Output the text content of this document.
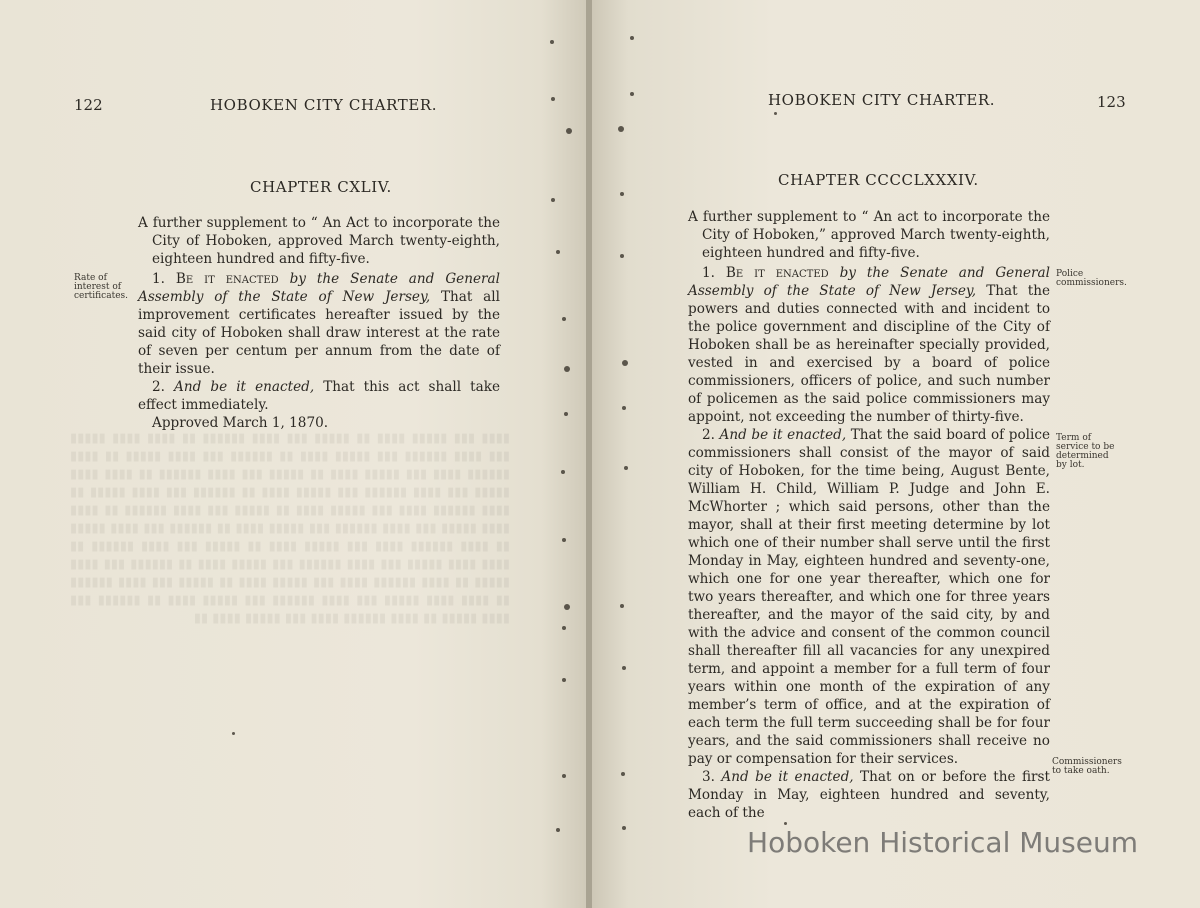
▮▮▮▮ ▮▮▮ ▮▮▮▮▮ ▮▮▮▮ ▮▮ ▮▮▮▮▮ ▮▮▮ ▮▮▮▮ ▮▮▮▮▮▮ ▮▮ ▮▮▮▮ ▮▮▮▮ ▮▮▮▮▮ ▮▮▮ ▮▮▮▮ ▮▮▮▮▮▮ ▮▮▮ ▮▮▮▮▮ ▮▮▮▮ ▮▮ ▮▮▮▮▮▮ ▮▮▮ ▮▮▮▮ ▮▮▮▮▮ ▮▮ ▮▮▮▮ ▮▮▮▮▮▮ ▮▮▮▮ ▮▮▮ ▮▮▮▮▮ ▮▮▮▮ ▮▮ ▮▮▮▮▮ ▮▮▮ ▮▮▮▮ ▮▮▮▮▮▮ ▮▮ ▮▮▮▮ ▮▮▮▮ ▮▮▮▮▮ ▮▮▮ ▮▮▮▮ ▮▮▮▮▮▮ ▮▮▮ ▮▮▮▮▮ ▮▮▮▮ ▮▮ ▮▮▮▮▮▮ ▮▮▮ ▮▮▮▮ ▮▮▮▮▮ ▮▮ ▮▮▮▮ ▮▮▮▮▮▮ ▮▮▮▮ ▮▮▮ ▮▮▮▮▮ ▮▮▮▮ ▮▮ ▮▮▮▮▮ ▮▮▮ ▮▮▮▮ ▮▮▮▮▮▮ ▮▮ ▮▮▮▮ ▮▮▮▮ ▮▮▮▮▮ ▮▮▮ ▮▮▮▮ ▮▮▮▮▮▮ ▮▮▮ ▮▮▮▮▮ ▮▮▮▮ ▮▮ ▮▮▮▮▮▮ ▮▮▮ ▮▮▮▮ ▮▮▮▮▮ ▮▮ ▮▮▮▮ ▮▮▮▮▮▮ ▮▮▮▮ ▮▮▮ ▮▮▮▮▮ ▮▮▮▮ ▮▮ ▮▮▮▮▮ ▮▮▮ ▮▮▮▮ ▮▮▮▮▮▮ ▮▮ ▮▮▮▮ ▮▮▮▮ ▮▮▮▮▮ ▮▮▮ ▮▮▮▮ ▮▮▮▮▮▮ ▮▮▮ ▮▮▮▮▮ ▮▮▮▮ ▮▮ ▮▮▮▮▮▮ ▮▮▮ ▮▮▮▮ ▮▮▮▮▮ ▮▮ ▮▮▮▮ ▮▮▮▮▮▮ ▮▮▮▮ ▮▮▮ ▮▮▮▮▮ ▮▮▮▮ ▮▮ ▮▮▮▮▮ ▮▮▮ ▮▮▮▮ ▮▮▮▮▮▮ ▮▮ ▮▮▮▮ ▮▮▮▮ ▮▮▮▮▮ ▮▮▮ ▮▮▮▮ ▮▮▮▮▮▮ ▮▮▮ ▮▮▮▮▮ ▮▮▮▮ ▮▮ ▮▮▮▮▮▮ ▮▮▮ ▮▮▮▮ ▮▮▮▮▮ ▮▮ ▮▮▮▮ ▮▮▮▮▮▮ ▮▮▮▮ ▮▮▮ ▮▮▮▮▮ ▮▮▮▮ ▮▮
122	HOBOKEN CITY CHARTER.
CHAPTER CXLIV.
Rate of interest of certificates.

A further supplement to “ An Act to incorporate the City of Hoboken, approved March twenty-eighth, eighteen hundred and fifty-five.

1. Be it enacted by the Senate and General Assembly of the State of New Jersey, That all improvement certificates hereafter issued by the said city of Hoboken shall draw interest at the rate of seven per centum per annum from the date of their issue.

2. And be it enacted, That this act shall take effect immediately.

Approved March 1, 1870.

HOBOKEN CITY CHARTER.	123
CHAPTER CCCCLXXXIV.

A further supplement to “ An act to incorporate the City of Hoboken,” approved March twenty-eighth, eighteen hundred and fifty-five.

1. Be it enacted by the Senate and General Assembly of the State of New Jersey, That the powers and duties connected with and incident to the police government and discipline of the City of Hoboken shall be as hereinafter specially provided, vested in and exercised by a board of police commissioners, officers of police, and such number of policemen as the said police commissioners may appoint, not exceeding the number of thirty-five.

2. And be it enacted, That the said board of police commissioners shall consist of the mayor of said city of Hoboken, for the time being, August Bente, William H. Child, William P. Judge and John E. McWhorter ; which said persons, other than the mayor, shall at their first meeting determine by lot which one of their number shall serve until the first Monday in May, eighteen hundred and seventy-one, which one for one year thereafter, which one for two years thereafter, and which one for three years thereafter, and the mayor of the said city, by and with the advice and consent of the common council shall thereafter fill all vacancies for any unexpired term, and appoint a member for a full term of four years within one month of the expiration of any member’s term of office, and at the expiration of each term the full term succeeding shall be for four years, and the said commissioners shall receive no pay or compensation for their services.

3. And be it enacted, That on or before the first Monday in May, eighteen hundred and seventy, each of the

Police commissioners.
Term of service to be determined by lot.
Commissioners to take oath.
Hoboken Historical Museum
